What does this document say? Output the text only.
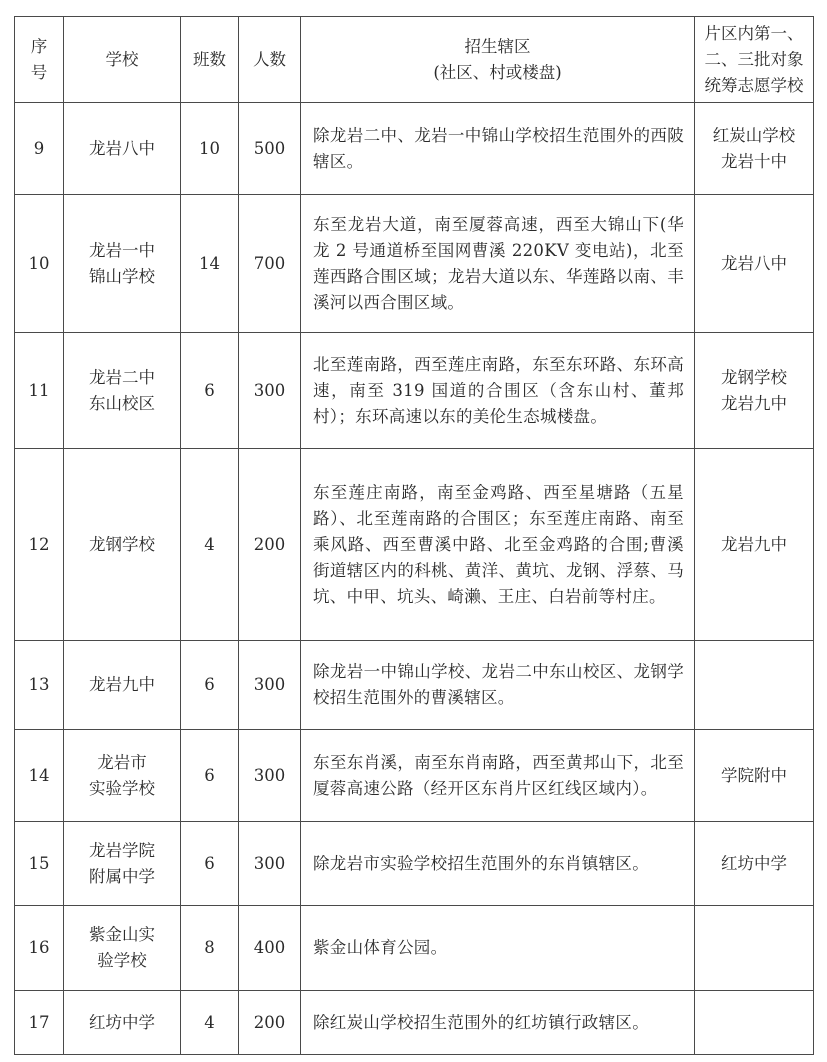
序
号	学校	班数	人数	招生辖区
(社区、村或楼盘)	片区内第一、
二、三批对象
统筹志愿学校

9	龙岩八中	10	500	除龙岩二中、龙岩一中锦山学校招生范围外的西陂辖区。	红炭山学校
龙岩十中

10	龙岩一中
锦山学校	14	700	东至龙岩大道，南至厦蓉高速，西至大锦山下(华龙 2 号通道桥至国网曹溪 220KV 变电站)，北至莲西路合围区域；龙岩大道以东、华莲路以南、丰溪河以西合围区域。	龙岩八中

11	龙岩二中
东山校区	6	300	北至莲南路，西至莲庄南路，东至东环路、东环高速，南至 319 国道的合围区（含东山村、董邦村）；东环高速以东的美伦生态城楼盘。	龙钢学校
龙岩九中

12	龙钢学校	4	200	东至莲庄南路，南至金鸡路、西至星塘路（五星路）、北至莲南路的合围区；东至莲庄南路、南至乘风路、西至曹溪中路、北至金鸡路的合围;曹溪街道辖区内的科桃、黄洋、黄坑、龙钢、浮蔡、马坑、中甲、坑头、崎濑、王庄、白岩前等村庄。	龙岩九中

13	龙岩九中	6	300	除龙岩一中锦山学校、龙岩二中东山校区、龙钢学校招生范围外的曹溪辖区。	
14	龙岩市
实验学校	6	300	东至东肖溪，南至东肖南路，西至黄邦山下，北至厦蓉高速公路（经开区东肖片区红线区域内）。	学院附中

15	龙岩学院
附属中学	6	300	除龙岩市实验学校招生范围外的东肖镇辖区。	红坊中学

16	紫金山实
验学校	8	400	紫金山体育公园。	
17	红坊中学	4	200	除红炭山学校招生范围外的红坊镇行政辖区。	
